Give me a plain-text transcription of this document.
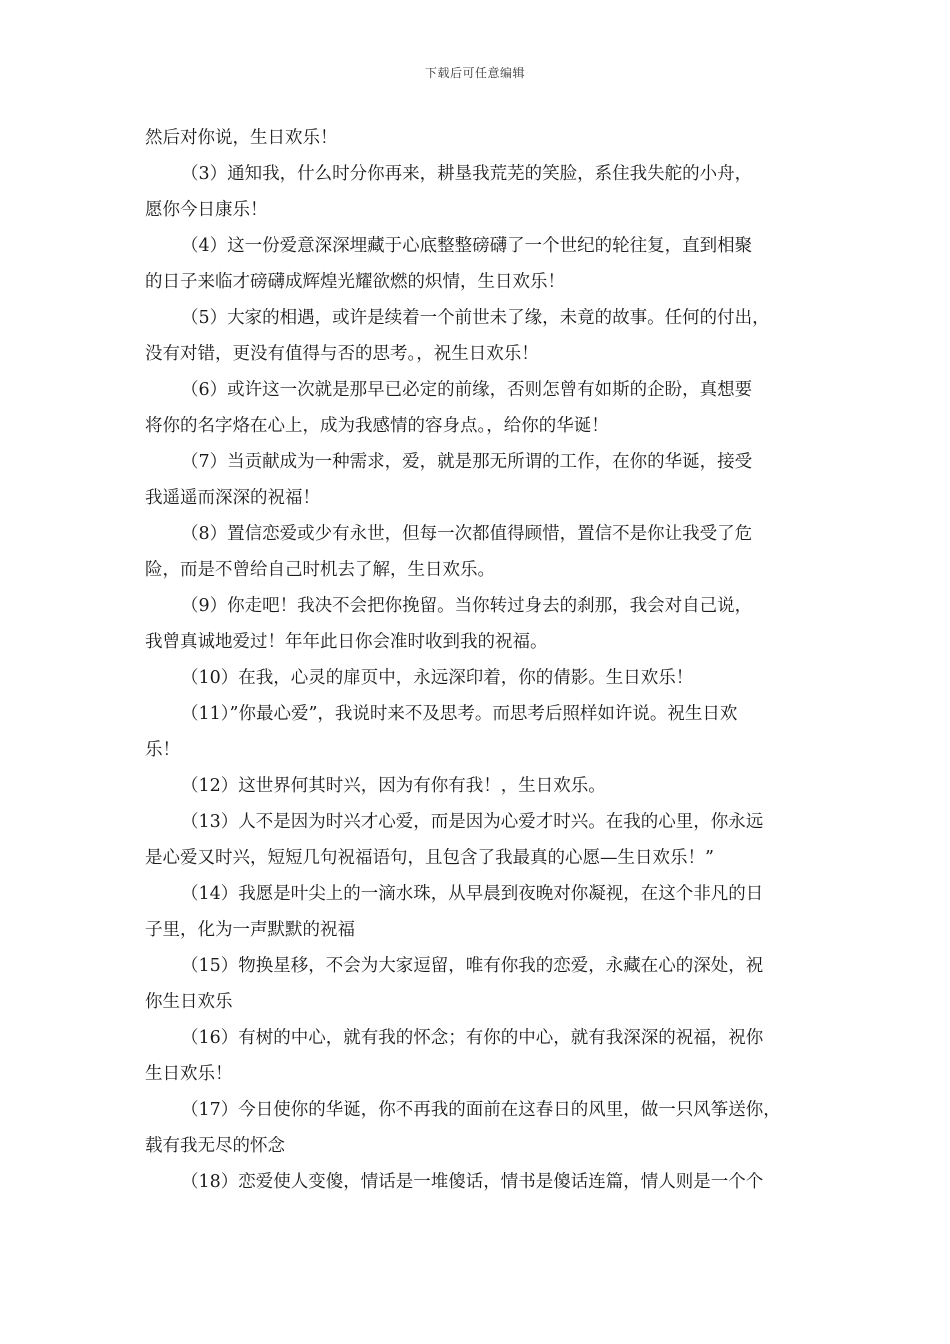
下载后可任意编辑
然后对你说，生日欢乐！
（3）通知我，什么时分你再来，耕垦我荒芜的笑脸，系住我失舵的小舟，
愿你今日康乐！
（4）这一份爱意深深埋藏于心底整整磅礴了一个世纪的轮往复，直到相聚
的日子来临才磅礴成辉煌光耀欲燃的炽情，生日欢乐！
（5）大家的相遇，或许是续着一个前世未了缘，未竟的故事。任何的付出，
没有对错，更没有值得与否的思考。，祝生日欢乐！
（6）或许这一次就是那早已必定的前缘，否则怎曾有如斯的企盼，真想要
将你的名字烙在心上，成为我感情的容身点。，给你的华诞！
（7）当贡献成为一种需求，爱，就是那无所谓的工作，在你的华诞，接受
我遥遥而深深的祝福！
（8）置信恋爱或少有永世，但每一次都值得顾惜，置信不是你让我受了危
险，而是不曾给自己时机去了解，生日欢乐。
（9）你走吧！我决不会把你挽留。当你转过身去的刹那，我会对自己说，
我曾真诚地爱过！年年此日你会准时收到我的祝福。
（10）在我，心灵的扉页中，永远深印着，你的倩影。生日欢乐！
（11）”你最心爱”，我说时来不及思考。而思考后照样如许说。祝生日欢
乐！
（12）这世界何其时兴，因为有你有我！，生日欢乐。
（13）人不是因为时兴才心爱，而是因为心爱才时兴。在我的心里，你永远
是心爱又时兴，短短几句祝福语句，且包含了我最真的心愿—生日欢乐！”
（14）我愿是叶尖上的一滴水珠，从早晨到夜晚对你凝视，在这个非凡的日
子里，化为一声默默的祝福
（15）物换星移，不会为大家逗留，唯有你我的恋爱，永藏在心的深处，祝
你生日欢乐
（16）有树的中心，就有我的怀念；有你的中心，就有我深深的祝福，祝你
生日欢乐！
（17）今日使你的华诞，你不再我的面前在这春日的风里，做一只风筝送你，
载有我无尽的怀念
（18）恋爱使人变傻，情话是一堆傻话，情书是傻话连篇，情人则是一个个
